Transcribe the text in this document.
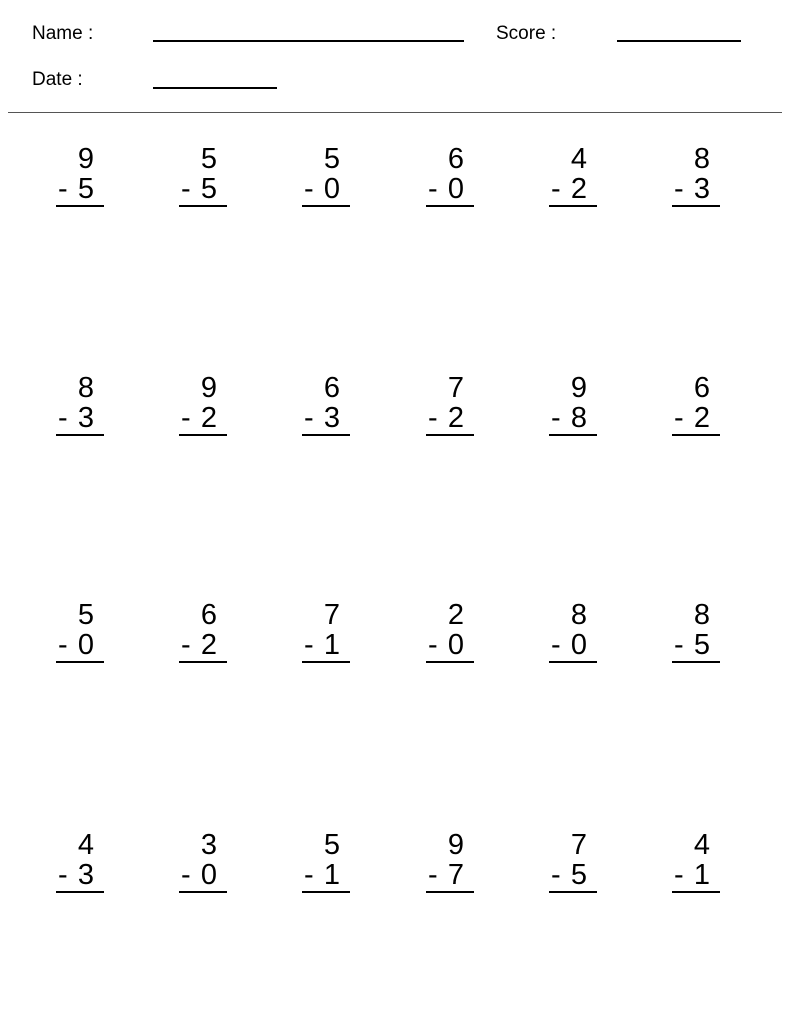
Name :	Score :
Date :
9
- 5
5
- 5
5
- 0
6
- 0
4
- 2
8
- 3
8
- 3
9
- 2
6
- 3
7
- 2
9
- 8
6
- 2
5
- 0
6
- 2
7
- 1
2
- 0
8
- 0
8
- 5
4
- 3
3
- 0
5
- 1
9
- 7
7
- 5
4
- 1
